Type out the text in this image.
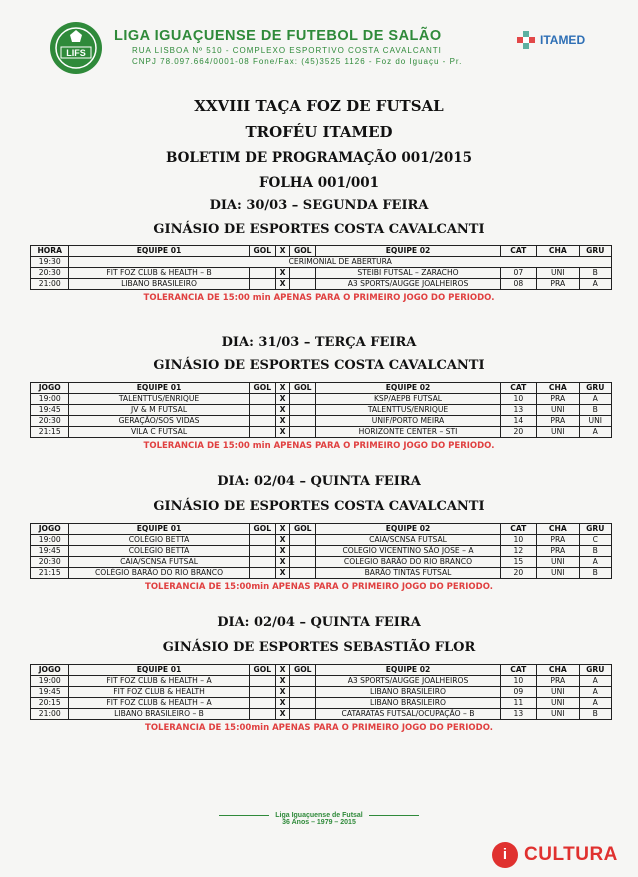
LIFS
LIGA IGUAÇUENSE DE FUTEBOL DE SALÃO
RUA LISBOA Nº 510 - COMPLEXO ESPORTIVO COSTA CAVALCANTI
CNPJ 78.097.664/0001-08 Fone/Fax: (45)3525 1126 - Foz do Iguaçu - Pr.
ITAMED
XXVIII TAÇA FOZ DE FUTSAL
TROFÉU ITAMED
BOLETIM DE PROGRAMAÇÃO 001/2015
FOLHA 001/001
DIA: 30/03 – SEGUNDA FEIRA
GINÁSIO DE ESPORTES COSTA CAVALCANTI
HORA	EQUIPE 01	GOL	X	GOL	EQUIPE 02	CAT	CHA	GRU
19:30	CERIMONIAL DE ABERTURA							
20:30	FIT FOZ CLUB & HEALTH – B		X		STEIBI FUTSAL – ZARACHO	07	UNI	B
21:00	LIBANO BRASILEIRO		X		A3 SPORTS/AUGGE JOALHEIROS	08	PRA	A
TOLERANCIA DE 15:00 min APENAS PARA O PRIMEIRO JOGO DO PERIODO.
DIA: 31/03 – TERÇA FEIRA
GINÁSIO DE ESPORTES COSTA CAVALCANTI
JOGO	EQUIPE 01	GOL	X	GOL	EQUIPE 02	CAT	CHA	GRU
19:00	TALENTTUS/ENRIQUE		X		KSP/AEPB FUTSAL	10	PRA	A
19:45	JV & M FUTSAL		X		TALENTTUS/ENRIQUE	13	UNI	B
20:30	GERAÇÃO/SOS VIDAS		X		UNIF/PORTO MEIRA	14	PRA	UNI
21:15	VILA C FUTSAL		X		HORIZONTE CENTER – STI	20	UNI	A
TOLERANCIA DE 15:00 min APENAS PARA O PRIMEIRO JOGO DO PERIODO.
DIA: 02/04 – QUINTA FEIRA
GINÁSIO DE ESPORTES COSTA CAVALCANTI
JOGO	EQUIPE 01	GOL	X	GOL	EQUIPE 02	CAT	CHA	GRU
19:00	COLÉGIO BETTA		X		CAIA/SCNSA FUTSAL	10	PRA	C
19:45	COLEGIO BETTA		X		COLEGIO VICENTINO SÃO JOSE – A	12	PRA	B
20:30	CAIA/SCNSA FUTSAL		X		COLEGIO BARÃO DO RIO BRANCO	15	UNI	A
21:15	COLÉGIO BARÃO DO RIO BRANCO		X		BARÃO TINTAS FUTSAL	20	UNI	B
TOLERANCIA DE 15:00min APENAS PARA O PRIMEIRO JOGO DO PERIODO.
DIA: 02/04 – QUINTA FEIRA
GINÁSIO DE ESPORTES SEBASTIÃO FLOR
JOGO	EQUIPE 01	GOL	X	GOL	EQUIPE 02	CAT	CHA	GRU
19:00	FIT FOZ CLUB & HEALTH – A		X		A3 SPORTS/AUGGE JOALHEIROS	10	PRA	A
19:45	FIT FOZ CLUB & HEALTH		X		LIBANO BRASILEIRO	09	UNI	A
20:15	FIT FOZ CLUB & HEALTH – A		X		LIBANO BRASILEIRO	11	UNI	A
21:00	LIBANO BRASILEIRO – B		X		CATARATAS FUTSAL/OCUPAÇÃO – B	13	UNI	B
TOLERANCIA DE 15:00min APENAS PARA O PRIMEIRO JOGO DO PERIODO.
Liga Iguaçuense de Futsal
36 Anos – 1979 – 2015
i CULTURA
